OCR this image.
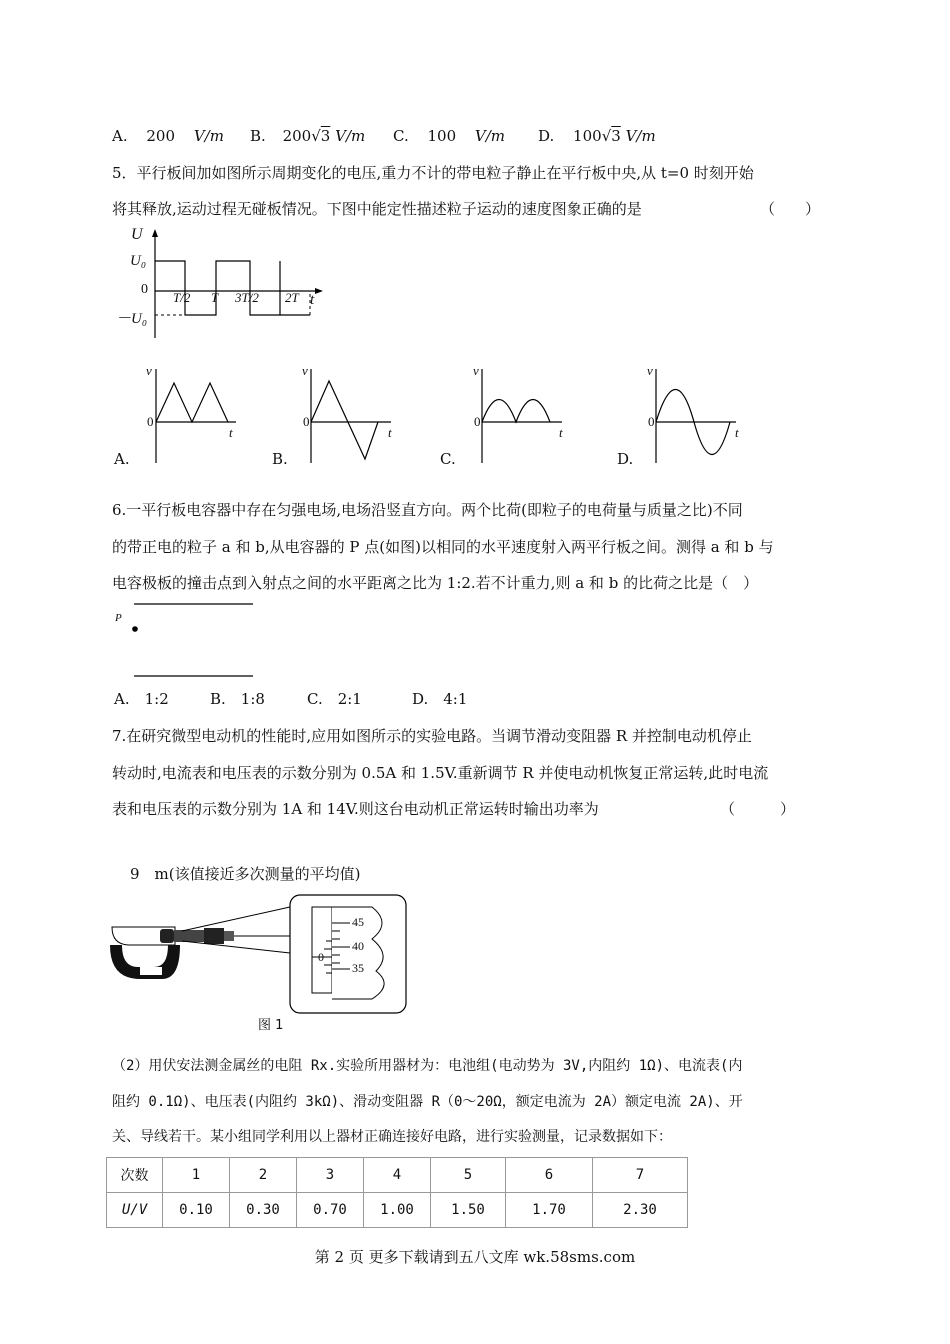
A. 200 V/m B. 200√3 V/m C. 100 V/m D. 100√3 V/m
5．平行板间加如图所示周期变化的电压,重力不计的带电粒子静止在平行板中央,从 t=0 时刻开始
将其释放,运动过程无碰板情况。下图中能定性描述粒子运动的速度图象正确的是	（　　）
U
U₀
0
－U₀
T/2 T 3T/2 2T t
v
0
t
v
0
t
v
0
t
v
0
t
A.	B.	C.	D.
6.一平行板电容器中存在匀强电场,电场沿竖直方向。两个比荷(即粒子的电荷量与质量之比)不同
的带正电的粒子 a 和 b,从电容器的 P 点(如图)以相同的水平速度射入两平行板之间。测得 a 和 b 与
电容极板的撞击点到入射点之间的水平距离之比为 1:2.若不计重力,则 a 和 b 的比荷之比是（　）
P
A.　1:2	B.　1:8	C.　2:1	D.　4:1
7.在研究微型电动机的性能时,应用如图所示的实验电路。当调节滑动变阻器 R 并控制电动机停止
转动时,电流表和电压表的示数分别为 0.5A 和 1.5V.重新调节 R 并使电动机恢复正常运转,此时电流
表和电压表的示数分别为 1A 和 14V.则这台电动机正常运转时输出功率为	（　　　）
9　m(该值接近多次测量的平均值)
45
40
35
0
图 1
（2）用伏安法测金属丝的电阻 Rx.实验所用器材为：电池组(电动势为 3V,内阻约 1Ω)、电流表(内
阻约 0.1Ω)、电压表(内阻约 3kΩ)、滑动变阻器 R（0～20Ω，额定电流为 2A）额定电流 2A)、开
关、导线若干。某小组同学利用以上器材正确连接好电路，进行实验测量，记录数据如下：
次数	1	2	3	4	5	6	7
U/V	0.10	0.30	0.70	1.00	1.50	1.70	2.30
第 2 页 更多下载请到五八文库 wk.58sms.com
